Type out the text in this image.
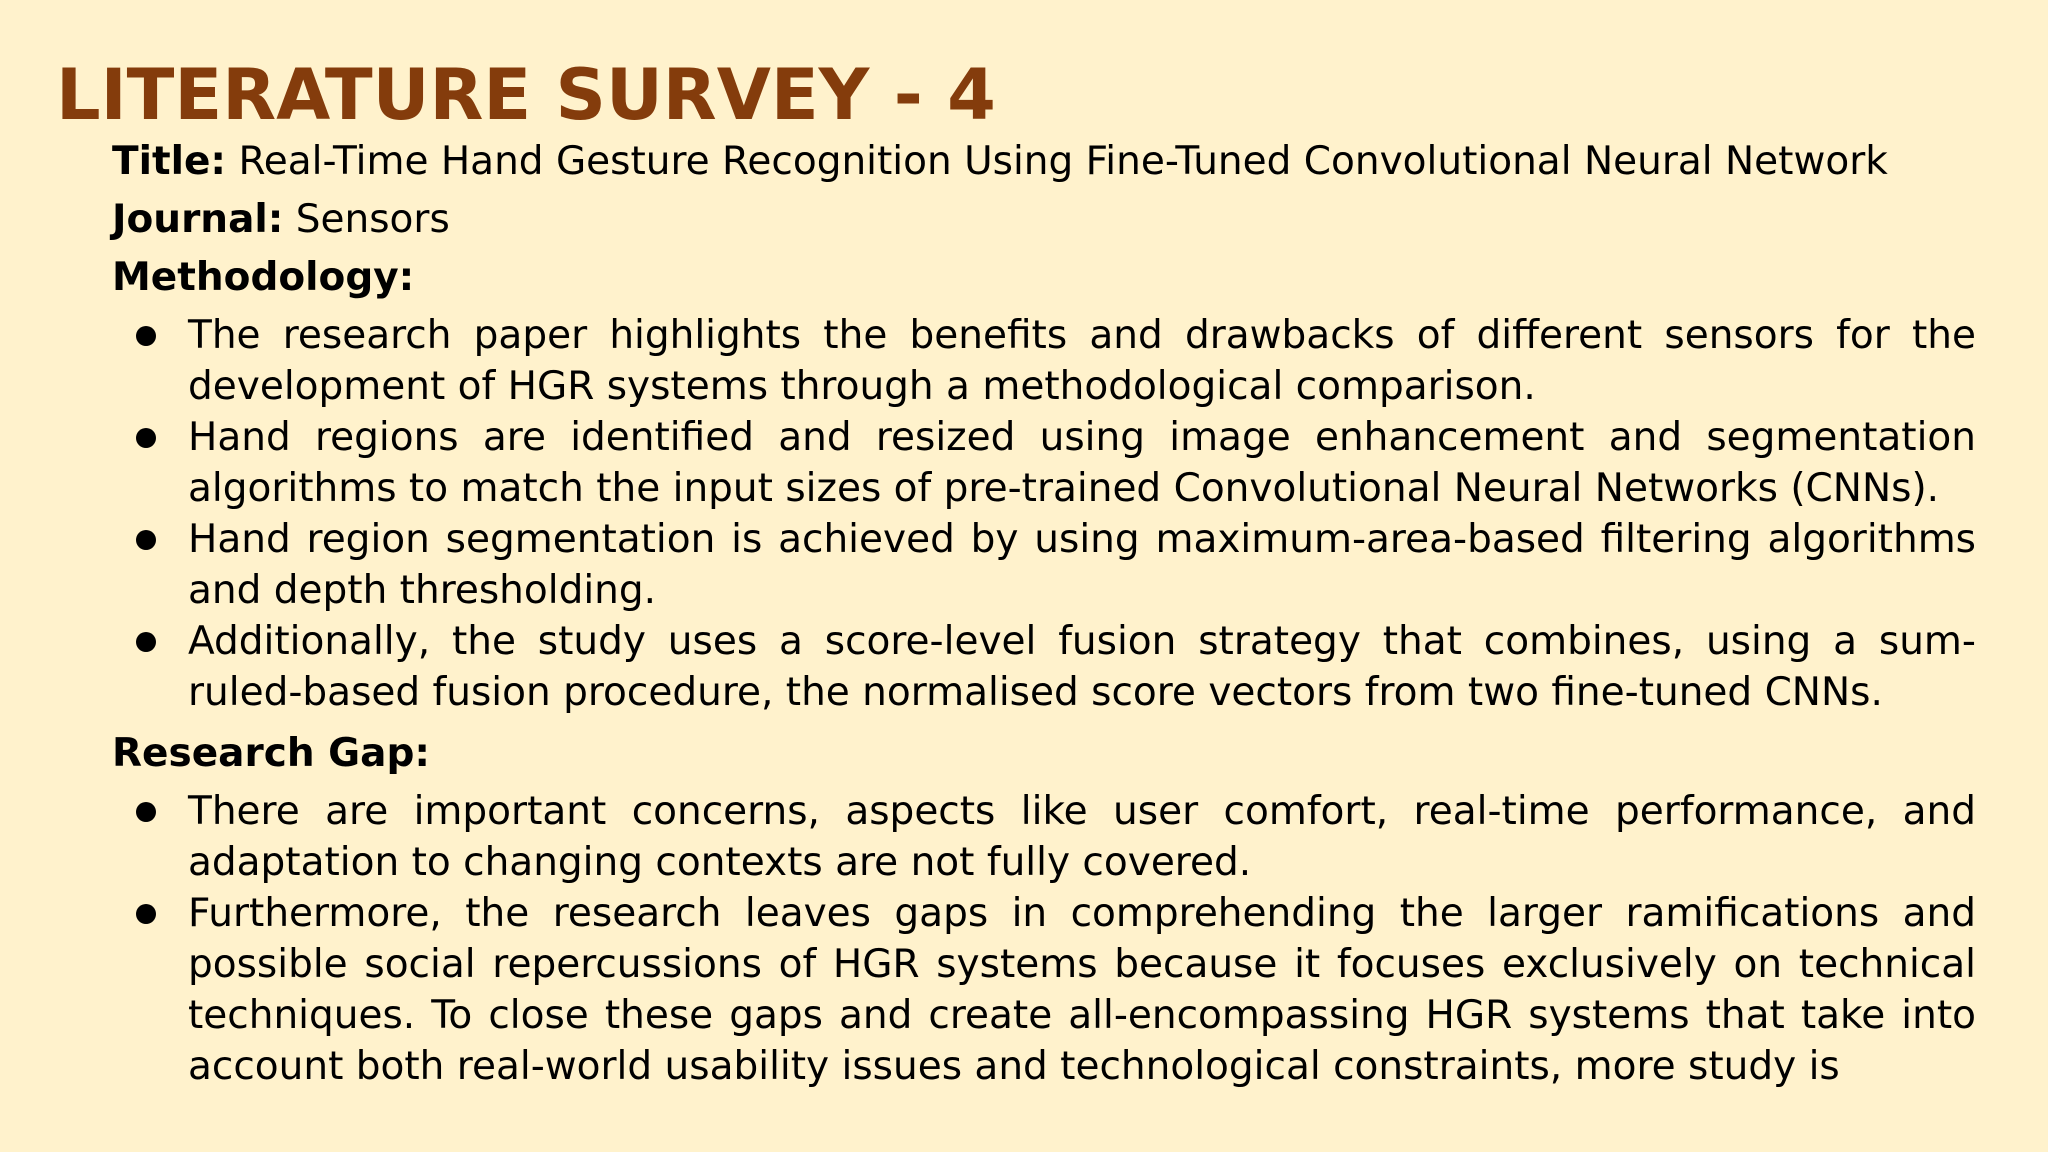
LITERATURE SURVEY - 4
Title: Real-Time Hand Gesture Recognition Using Fine-Tuned Convolutional Neural Network
Journal: Sensors
Methodology:
The research paper highlights the benefits and drawbacks of different sensors for the development of HGR systems through a methodological comparison.
Hand regions are identified and resized using image enhancement and segmentation algorithms to match the input sizes of pre-trained Convolutional Neural Networks (CNNs).
Hand region segmentation is achieved by using maximum-area-based filtering algorithms and depth thresholding.
Additionally, the study uses a score-level fusion strategy that combines, using a sum-ruled-based fusion procedure, the normalised score vectors from two fine-tuned CNNs.
Research Gap:
There are important concerns, aspects like user comfort, real-time performance, and adaptation to changing contexts are not fully covered.
Furthermore, the research leaves gaps in comprehending the larger ramifications and possible social repercussions of HGR systems because it focuses exclusively on technical techniques. To close these gaps and create all-encompassing HGR systems that take into account both real-world usability issues and technological constraints, more study is
